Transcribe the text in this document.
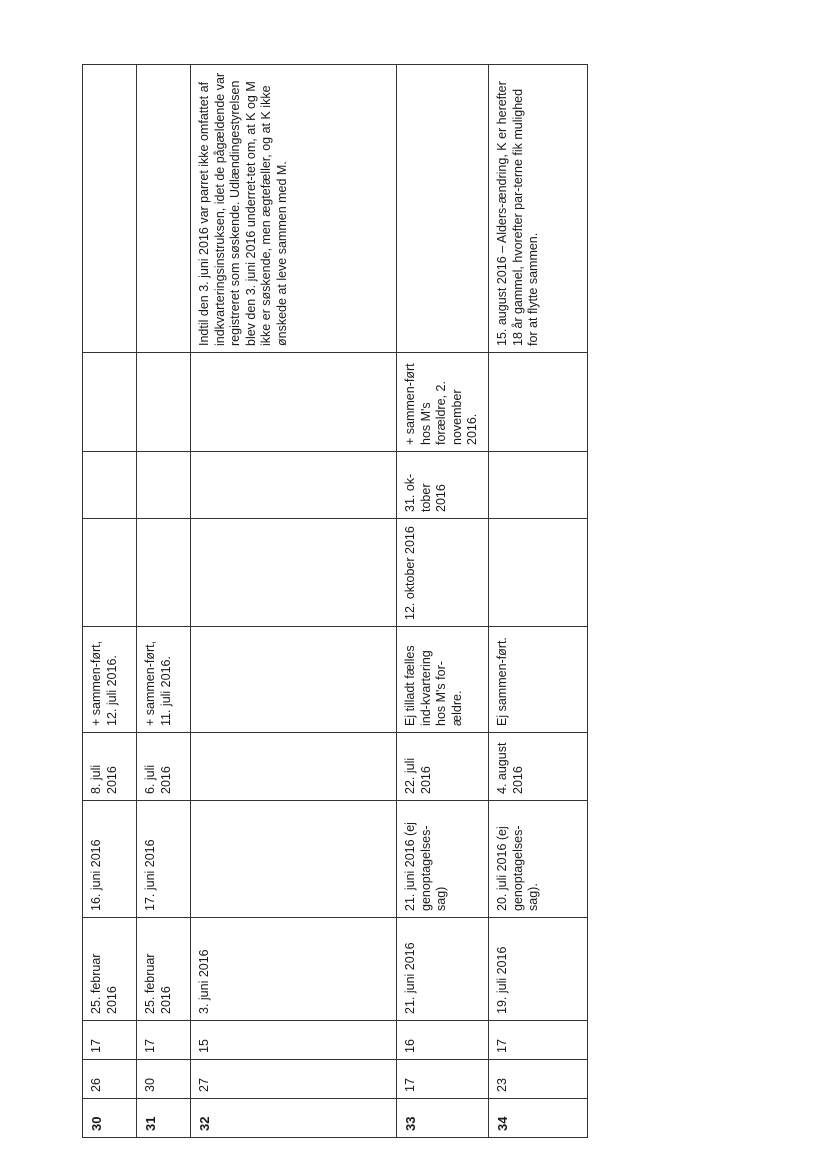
30	26	17	25. februar 2016	16. juni 2016	8. juli 2016	+ sammen-ført, 12. juli 2016.				
31	30	17	25. februar 2016	17. juni 2016	6. juli 2016	+ sammen-ført, 11. juli 2016.				
32	27	15	3. juni 2016							Indtil den 3. juni 2016 var parret ikke omfattet af indkvarteringsinstruksen, idet de pågældende var registreret som søskende. Udlændingestyrelsen blev den 3. juni 2016 underret-tet om, at K og M ikke er søskende, men ægtefæller, og at K ikke ønskede at leve sammen med M.
33	17	16	21. juni 2016	21. juni 2016 (ej genoptagelses-sag)	22. juli 2016	Ej tilladt fælles ind-kvartering hos M's for-ældre.	12. oktober 2016	31. ok-tober 2016	+ sammen-ført hos M's forældre, 2. november 2016.	
34	23	17	19. juli 2016	20. juli 2016 (ej genoptagelses-sag).	4. august 2016	Ej sammen-ført.				15. august 2016 – Alders-ændring, K er herefter 18 år gammel, hvorefter par-terne fik mulighed for at flytte sammen.
